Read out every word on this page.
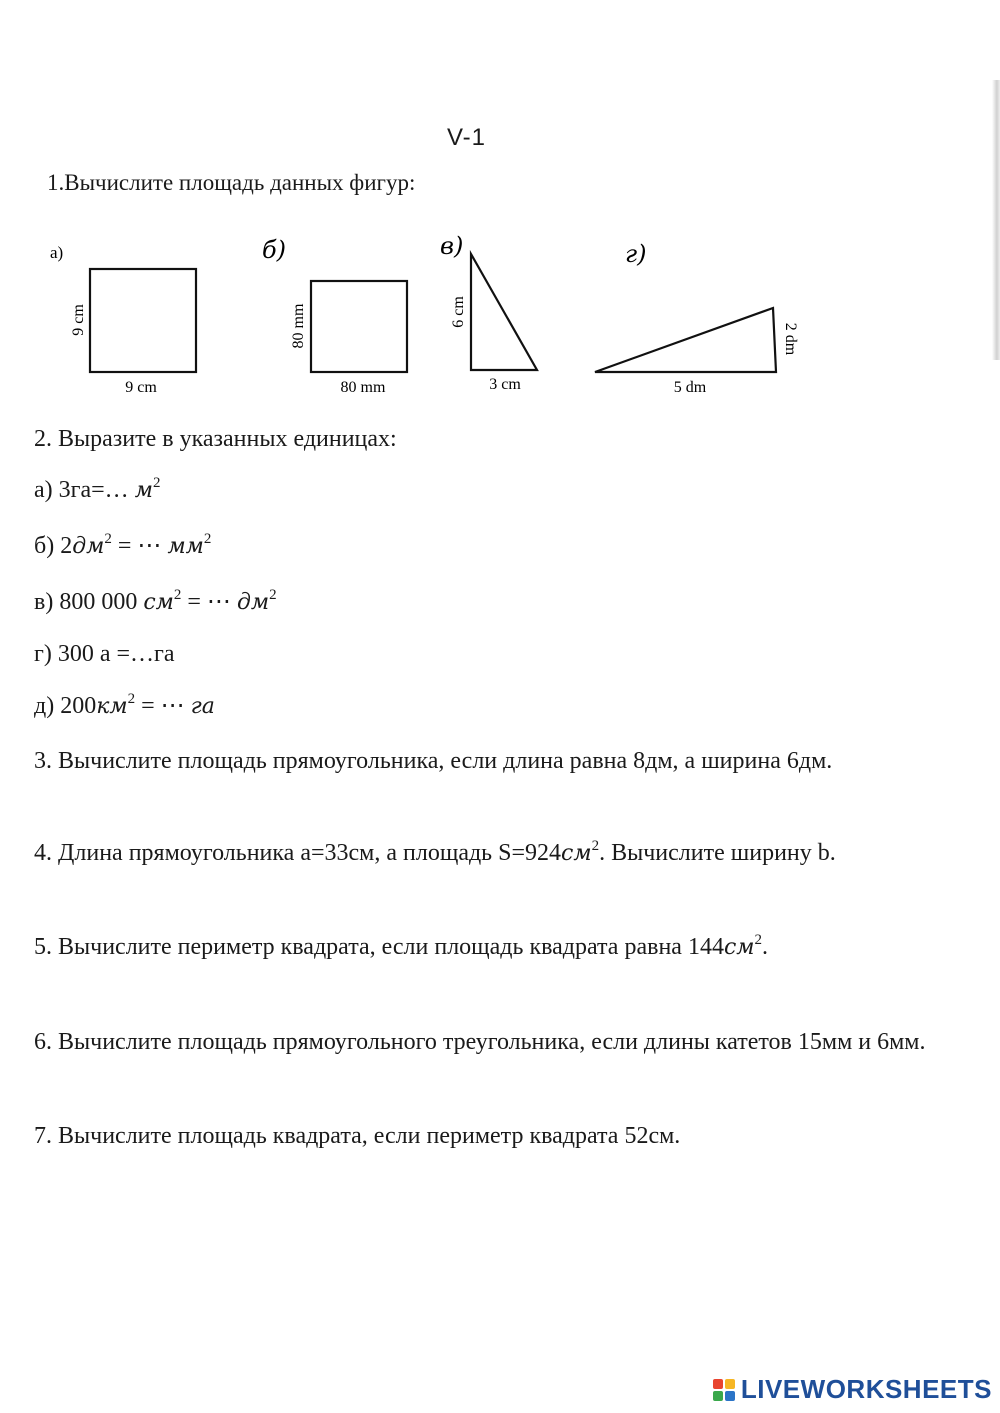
V-1
1.Вычислите площадь данных фигур:
а)
9 cm
9 cm
б)
80 mm
80 mm
в)
6 cm
3 cm
г)
2 dm
5 dm
2. Выразите в указанных единицах:
а) 3га=… $м^2$
б) $2дм^2$ = ⋯ $мм^2$
в) 800 000 $см^2$ = ⋯ $дм^2$
г) 300 а =…га
д) $200км^2$ = ⋯ га
3. Вычислите площадь прямоугольника, если длина равна 8дм, а ширина 6дм.
4. Длина прямоугольника а=33см, а площадь $S=924см^2$. Вычислите ширину b.
5. Вычислите периметр квадрата, если площадь квадрата равна $144см^2$.
6. Вычислите площадь прямоугольного треугольника, если длины катетов 15мм и 6мм.
7. Вычислите площадь квадрата, если периметр квадрата 52см.
LIVEWORKSHEETS
